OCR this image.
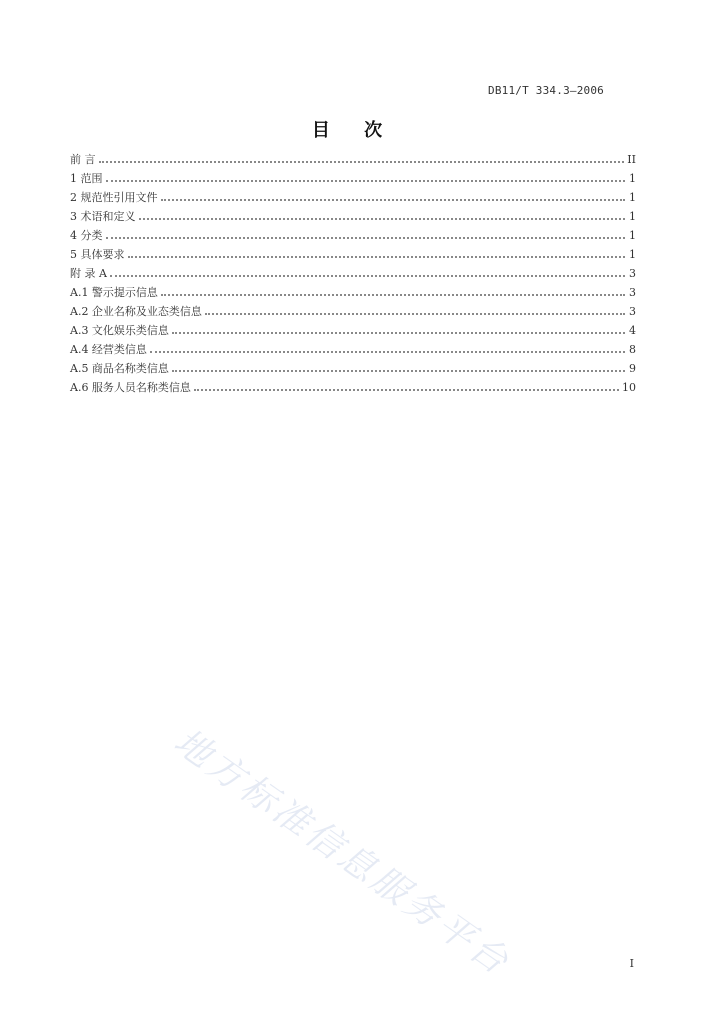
DB11/T 334.3—2006
目 次
前 言	II
1 范围	1
2 规范性引用文件	1
3 术语和定义	1
4 分类	1
5 具体要求	1
附 录 A	3
A.1 警示提示信息	3
A.2 企业名称及业态类信息	3
A.3 文化娱乐类信息	4
A.4 经营类信息	8
A.5 商品名称类信息	9
A.6 服务人员名称类信息	10
地方标准信息服务平台	I
